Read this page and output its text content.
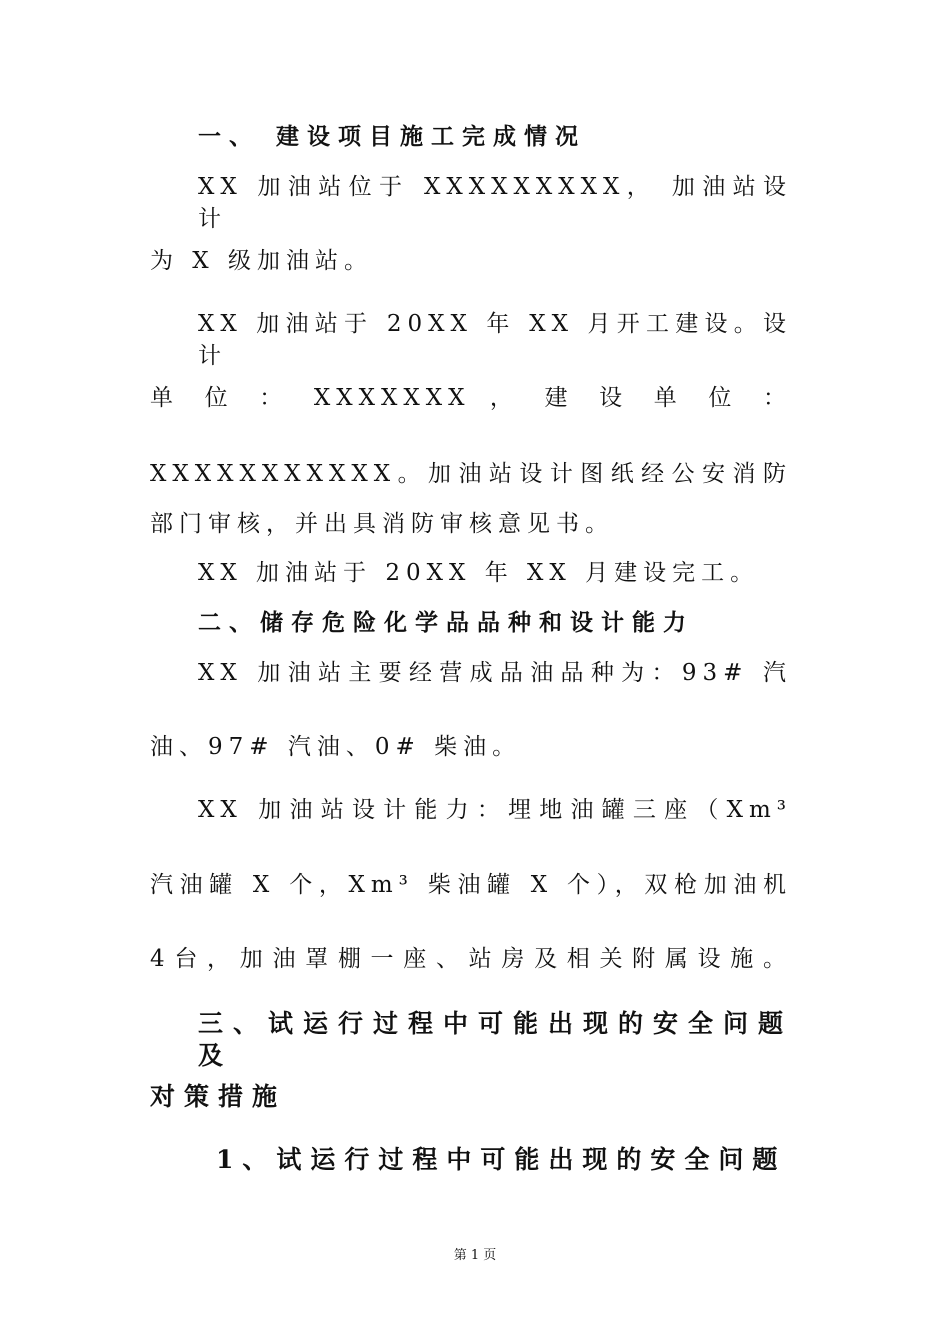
一、 建设项目施工完成情况
XX 加油站位于 XXXXXXXXX， 加油站设计
为 X 级加油站。
XX 加油站于 20XX 年 XX 月开工建设。设计
单 位 ： XXXXXXX ， 建 设 单 位 ：
XXXXXXXXXXX。加油站设计图纸经公安消防
部门审核，并出具消防审核意见书。
XX 加油站于 20XX 年 XX 月建设完工。
二、储存危险化学品品种和设计能力
XX 加油站主要经营成品油品种为：93# 汽
油、97# 汽油、0# 柴油。
XX 加油站设计能力：埋地油罐三座（Xm³
汽油罐 X 个，Xm³ 柴油罐 X 个），双枪加油机
4台，加油罩棚一座、站房及相关附属设施。
三、试运行过程中可能出现的安全问题及
对策措施
1、试运行过程中可能出现的安全问题
第 1 页
